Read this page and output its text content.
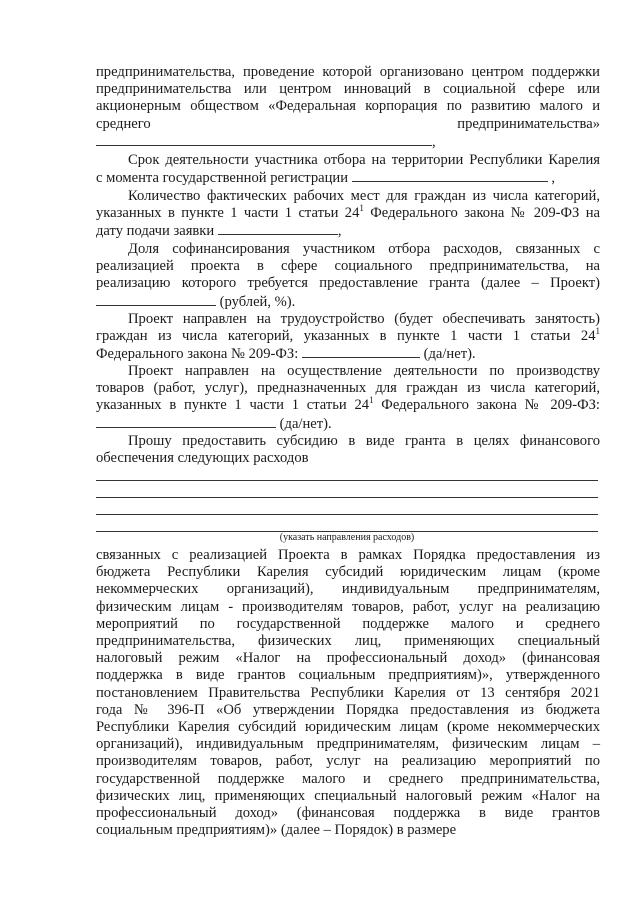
предпринимательства, проведение которой организовано центром поддержки
предпринимательства или центром инноваций в социальной сфере или
акционерным обществом «Федеральная корпорация по развитию малого и
среднего	предпринимательства»
,
Срок деятельности участника отбора на территории Республики Карелия
с момента государственной регистрации	,
Количество фактических рабочих мест для граждан из числа категорий,
указанных в пункте 1 части 1 статьи $24^1$ Федерального закона № 209-ФЗ на
дату подачи заявки	,
Доля софинансирования участником отбора расходов, связанных с
реализацией проекта в сфере социального предпринимательства, на
реализацию которого требуется предоставление гранта (далее – Проект)
(рублей, %).
Проект направлен на трудоустройство (будет обеспечивать занятость)
граждан из числа категорий, указанных в пункте 1 части 1 статьи $24^1$
Федерального закона № 209-ФЗ:	(да/нет).
Проект направлен на осуществление деятельности по производству
товаров (работ, услуг), предназначенных для граждан из числа категорий,
указанных в пункте 1 части 1 статьи $24^1$ Федерального закона № 209-ФЗ:
(да/нет).
Прошу предоставить субсидию в виде гранта в целях финансового
обеспечения следующих расходов
(указать направления расходов)
связанных с реализацией Проекта в рамках Порядка предоставления из
бюджета Республики Карелия субсидий юридическим лицам (кроме
некоммерческих организаций), индивидуальным предпринимателям,
физическим лицам - производителям товаров, работ, услуг на реализацию
мероприятий по государственной поддержке малого и среднего
предпринимательства, физических лиц, применяющих специальный
налоговый режим «Налог на профессиональный доход» (финансовая
поддержка в виде грантов социальным предприятиям)», утвержденного
постановлением Правительства Республики Карелия от 13 сентября 2021
года № 396-П «Об утверждении Порядка предоставления из бюджета
Республики Карелия субсидий юридическим лицам (кроме некоммерческих
организаций), индивидуальным предпринимателям, физическим лицам –
производителям товаров, работ, услуг на реализацию мероприятий по
государственной поддержке малого и среднего предпринимательства,
физических лиц, применяющих специальный налоговый режим «Налог на
профессиональный доход» (финансовая поддержка в виде грантов
социальным предприятиям)» (далее – Порядок) в размере
